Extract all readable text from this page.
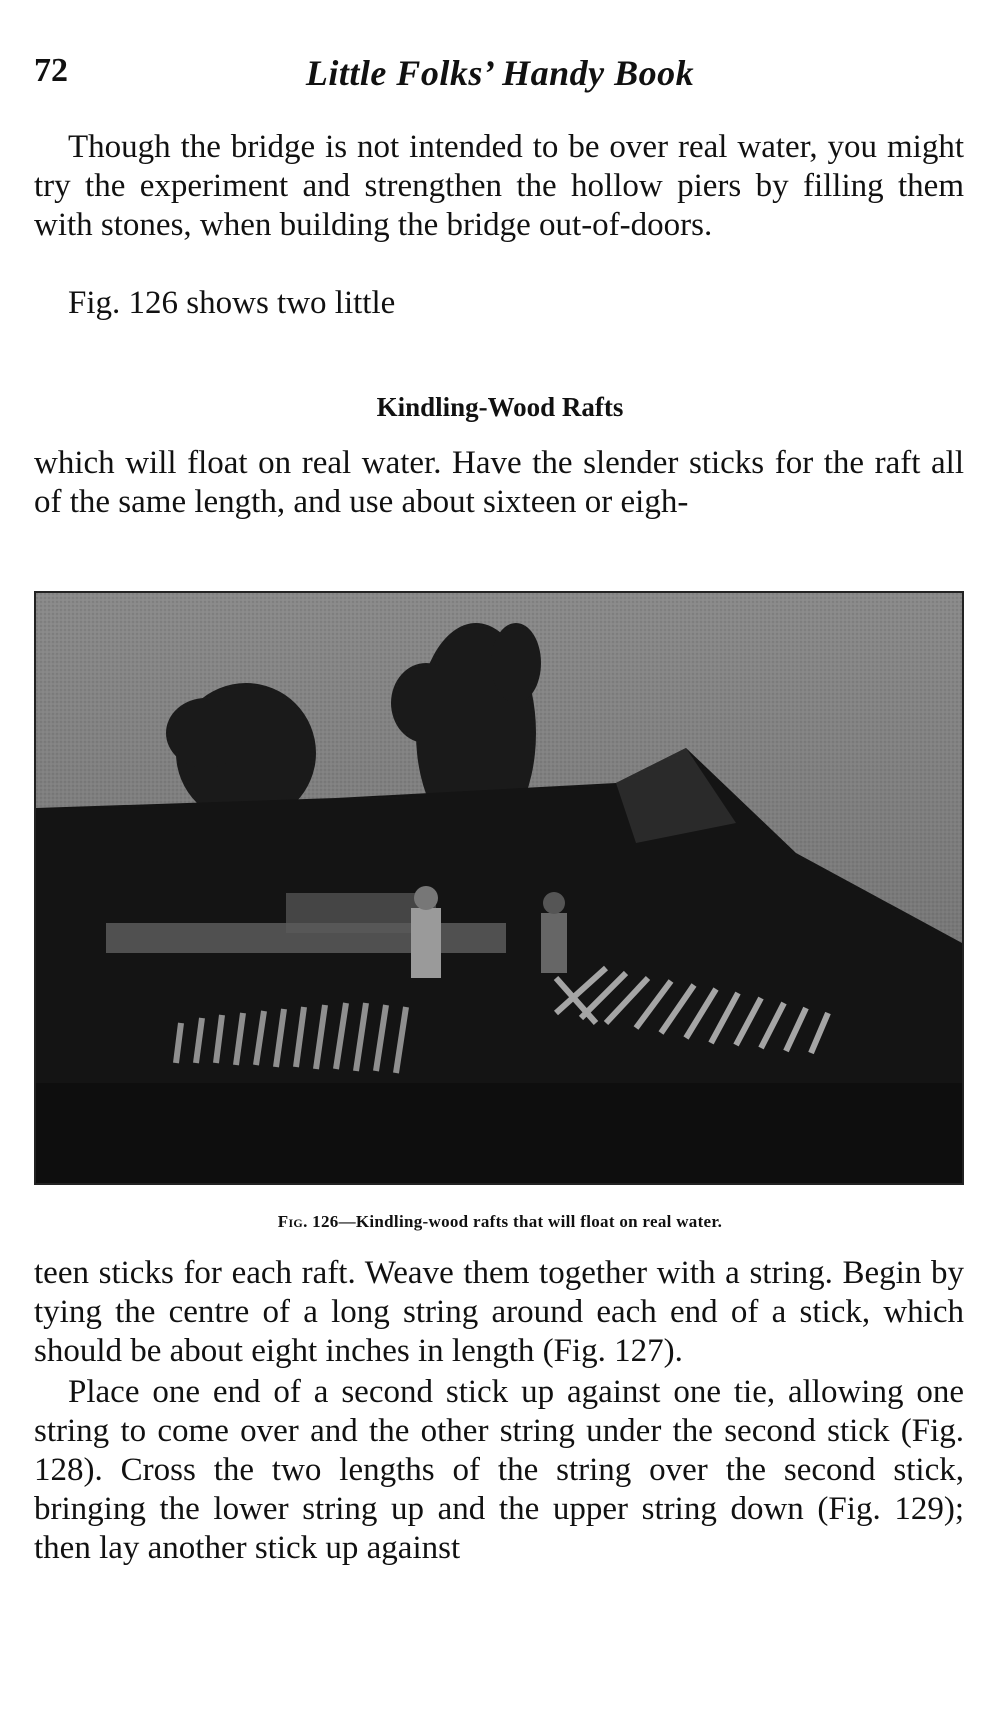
72	Little Folks’ Handy Book

Though the bridge is not intended to be over real water, you might try the experiment and strengthen the hollow piers by filling them with stones, when building the bridge out-of-doors.

Fig. 126 shows two little

Kindling-Wood Rafts

which will float on real water. Have the slender sticks for the raft all of the same length, and use about sixteen or eigh-

Fig. 126—Kindling-wood rafts that will float on real water.

teen sticks for each raft. Weave them together with a string. Begin by tying the centre of a long string around each end of a stick, which should be about eight inches in length (Fig. 127).

Place one end of a second stick up against one tie, allowing one string to come over and the other string under the second stick (Fig. 128). Cross the two lengths of the string over the second stick, bringing the lower string up and the upper string down (Fig. 129); then lay another stick up against
